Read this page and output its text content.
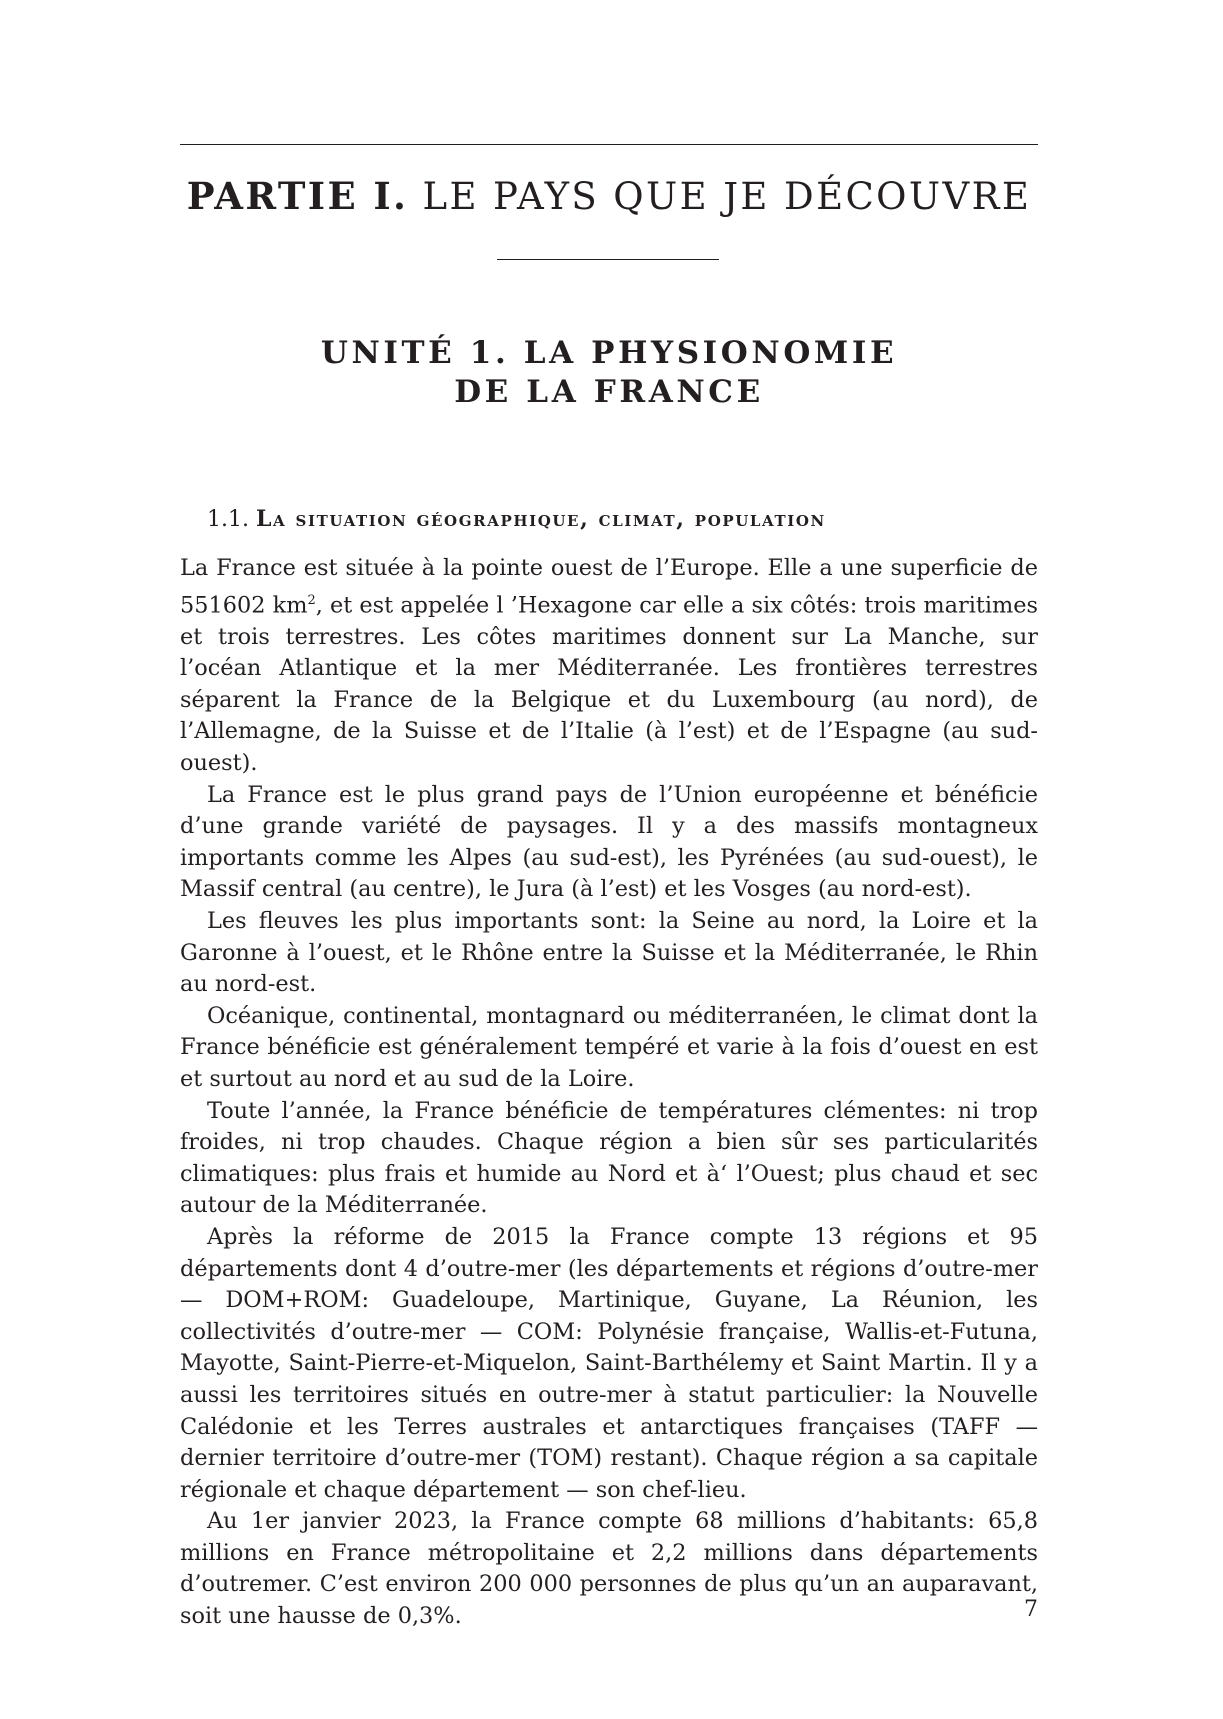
PARTIE I. LE PAYS QUE JE DÉCOUVRE
UNITÉ 1. LA PHYSIONOMIE
DE LA FRANCE
1.1. La situation géographique, climat, population

La France est située à la pointe ouest de l’Europe. Elle a une superficie de 551602 $km^2$, et est appelée l ’Hexagone car elle a six côtés: trois maritimes et trois terrestres. Les côtes maritimes donnent sur La Manche, sur l’océan Atlantique et la mer Méditerranée. Les frontières terrestres séparent la France de la Belgique et du Luxembourg (au nord), de l’Allemagne, de la Suisse et de l’Italie (à l’est) et de l’Espagne (au sud-ouest).

La France est le plus grand pays de l’Union européenne et bénéficie d’une grande variété de paysages. Il y a des massifs montagneux importants comme les Alpes (au sud-est), les Pyrénées (au sud-ouest), le Massif central (au centre), le Jura (à l’est) et les Vosges (au nord-est).

Les fleuves les plus importants sont: la Seine au nord, la Loire et la Garonne à l’ouest, et le Rhône entre la Suisse et la Méditerranée, le Rhin au nord-est.

Océanique, continental, montagnard ou méditerranéen, le climat dont la France bénéficie est généralement tempéré et varie à la fois d’ouest en est et surtout au nord et au sud de la Loire.

Toute l’année, la France bénéficie de températures clémentes: ni trop froides, ni trop chaudes. Chaque région a bien sûr ses particularités climatiques: plus frais et humide au Nord et à‘ l’Ouest; plus chaud et sec autour de la Méditerranée.

Après la réforme de 2015 la France compte 13 régions et 95 départements dont 4 d’outre-mer (les départements et régions d’outre-mer — DOM+ROM: Guadeloupe, Martinique, Guyane, La Réunion, les collectivités d’outre-mer — COM: Polynésie française, Wallis-et-Futuna, Mayotte, Saint-Pierre-et-Miquelon, Saint-Barthélemy et Saint Martin. Il y a aussi les territoires situés en outre-mer à statut particulier: la Nouvelle Calédonie et les Terres australes et antarctiques françaises (TAFF — dernier territoire d’outre-mer (TOM) restant). Chaque région a sa capitale régionale et chaque département — son chef-lieu.

Au 1er janvier 2023, la France compte 68 millions d’habitants: 65,8 millions en France métropolitaine et 2,2 millions dans départements d’outremer. C’est environ 200 000 personnes de plus qu’un an auparavant, soit une hausse de 0,3%.	7
